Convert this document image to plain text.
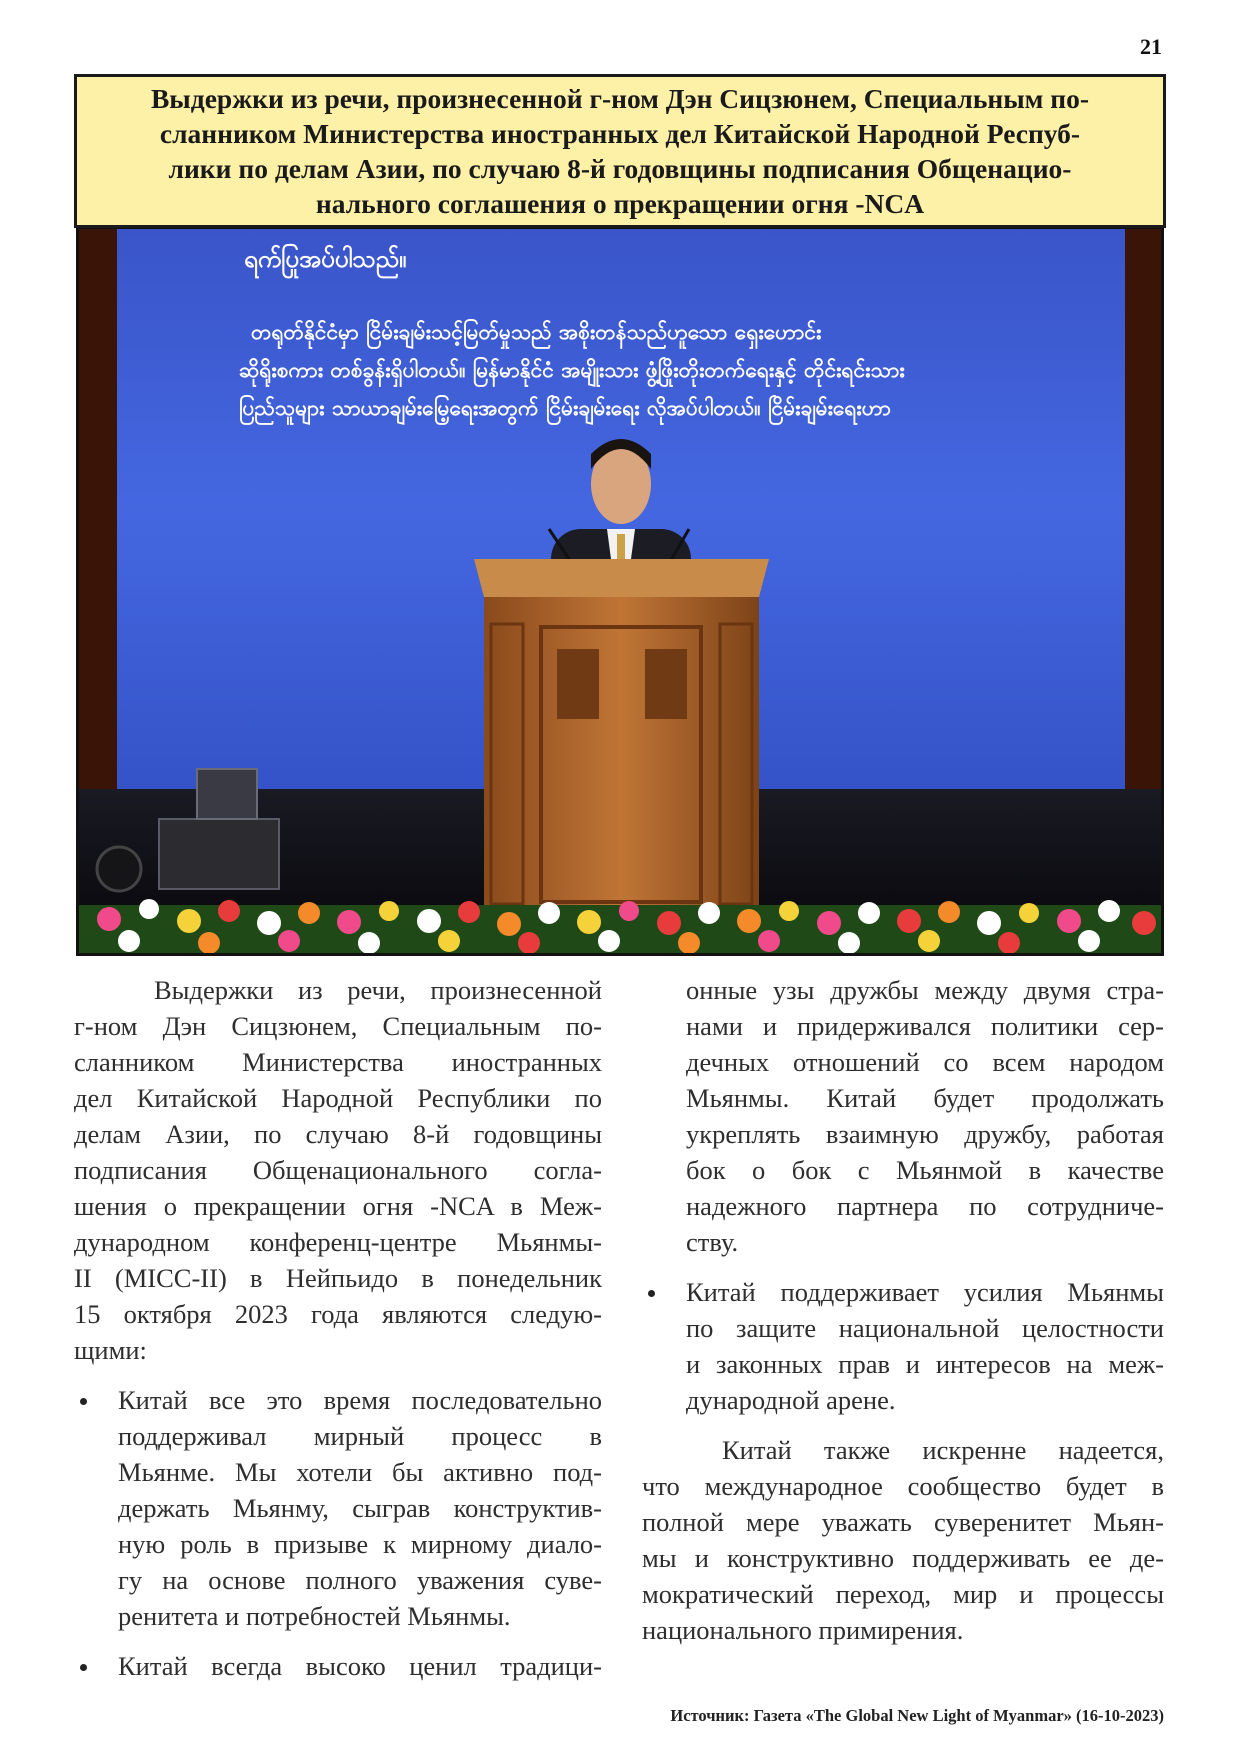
21
Выдержки из речи, произнесенной г-ном Дэн Сицзюнем, Специальным по-
сланником Министерства иностранных дел Китайской Народной Респуб-
лики по делам Азии, по случаю 8-й годовщины подписания Общенацио-
нального соглашения о прекращении огня -NCA
ရက်ပြုအပ်ပါသည်။
တရုတ်နိုင်ငံမှာ ငြိမ်းချမ်းသင့်မြတ်မှုသည် အစိုးတန်သည်ဟူသော ရှေးဟောင်း
ဆိုရိုးစကား တစ်ခွန်းရှိပါတယ်။ မြန်မာနိုင်ငံ အမျိုးသား ဖွံ့ဖြိုးတိုးတက်ရေးနှင့် တိုင်းရင်းသား
ပြည်သူများ သာယာချမ်းမြေ့ရေးအတွက် ငြိမ်းချမ်းရေး လိုအပ်ပါတယ်။ ငြိမ်းချမ်းရေးဟာ
Выдержки из речи, произнесенной
г-ном Дэн Сицзюнем, Специальным по-
сланником Министерства иностранных
дел Китайской Народной Республики по
делам Азии, по случаю 8-й годовщины
подписания Общенационального согла-
шения о прекращении огня -NCA в Меж-
дународном конференц-центре Мьянмы-
II (MICC-II) в Нейпьидо в понедельник
15 октября 2023 года являются следую-
щими:
Китай все это время последовательно
поддерживал мирный процесс в
Мьянме. Мы хотели бы активно под-
держать Мьянму, сыграв конструктив-
ную роль в призыве к мирному диало-
гу на основе полного уважения суве-
ренитета и потребностей Мьянмы.
Китай всегда высоко ценил традици-
онные узы дружбы между двумя стра-
нами и придерживался политики сер-
дечных отношений со всем народом
Мьянмы. Китай будет продолжать
укреплять взаимную дружбу, работая
бок о бок с Мьянмой в качестве
надежного партнера по сотрудниче-
ству.
Китай поддерживает усилия Мьянмы
по защите национальной целостности
и законных прав и интересов на меж-
дународной арене.
Китай также искренне надеется,
что международное сообщество будет в
полной мере уважать суверенитет Мьян-
мы и конструктивно поддерживать ее де-
мократический переход, мир и процессы
национального примирения.
Источник: Газета «The Global New Light of Myanmar» (16-10-2023)
